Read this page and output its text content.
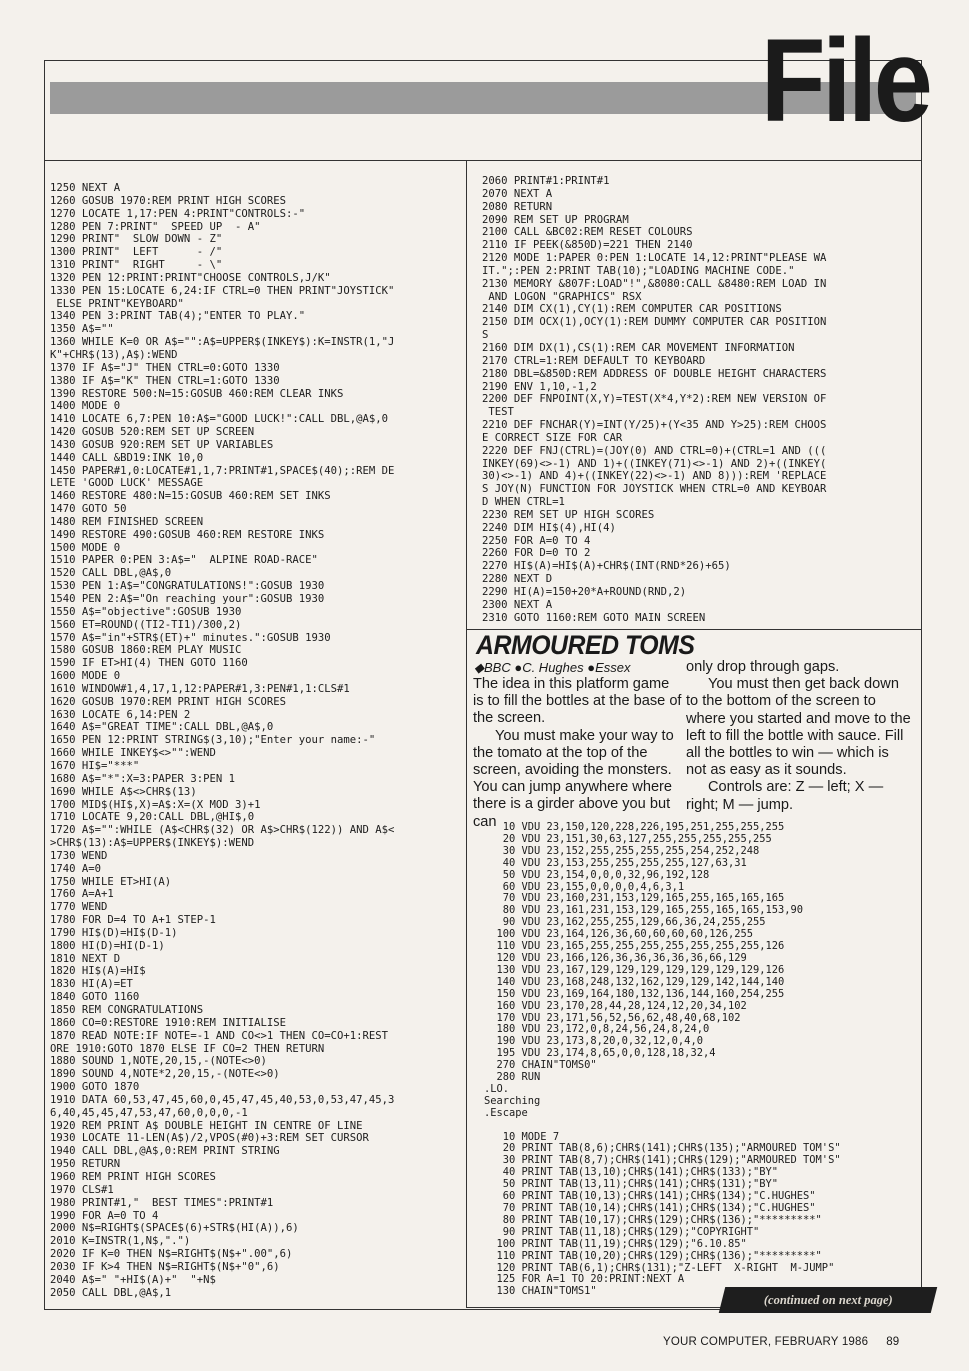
File
1250 NEXT A
1260 GOSUB 1970:REM PRINT HIGH SCORES
1270 LOCATE 1,17:PEN 4:PRINT"CONTROLS:-"
1280 PEN 7:PRINT"  SPEED UP  - A"
1290 PRINT"  SLOW DOWN - Z"
1300 PRINT"  LEFT      - /"
1310 PRINT"  RIGHT     - \"
1320 PEN 12:PRINT:PRINT"CHOOSE CONTROLS,J/K"
1330 PEN 15:LOCATE 6,24:IF CTRL=0 THEN PRINT"JOYSTICK"
ELSE PRINT"KEYBOARD"
1340 PEN 3:PRINT TAB(4);"ENTER TO PLAY."
1350 A$=""
1360 WHILE K=0 OR A$="":A$=UPPER$(INKEY$):K=INSTR(1,"J
K"+CHR$(13),A$):WEND
1370 IF A$="J" THEN CTRL=0:GOTO 1330
1380 IF A$="K" THEN CTRL=1:GOTO 1330
1390 RESTORE 500:N=15:GOSUB 460:REM CLEAR INKS
1400 MODE 0
1410 LOCATE 6,7:PEN 10:A$="GOOD LUCK!":CALL DBL,@A$,0
1420 GOSUB 520:REM SET UP SCREEN
1430 GOSUB 920:REM SET UP VARIABLES
1440 CALL &BD19:INK 10,0
1450 PAPER#1,0:LOCATE#1,1,7:PRINT#1,SPACE$(40);:REM DE
LETE 'GOOD LUCK' MESSAGE
1460 RESTORE 480:N=15:GOSUB 460:REM SET INKS
1470 GOTO 50
1480 REM FINISHED SCREEN
1490 RESTORE 490:GOSUB 460:REM RESTORE INKS
1500 MODE 0
1510 PAPER 0:PEN 3:A$="  ALPINE ROAD-RACE"
1520 CALL DBL,@A$,0
1530 PEN 1:A$="CONGRATULATIONS!":GOSUB 1930
1540 PEN 2:A$="On reaching your":GOSUB 1930
1550 A$="objective":GOSUB 1930
1560 ET=ROUND((TI2-TI1)/300,2)
1570 A$="in"+STR$(ET)+" minutes.":GOSUB 1930
1580 GOSUB 1860:REM PLAY MUSIC
1590 IF ET>HI(4) THEN GOTO 1160
1600 MODE 0
1610 WINDOW#1,4,17,1,12:PAPER#1,3:PEN#1,1:CLS#1
1620 GOSUB 1970:REM PRINT HIGH SCORES
1630 LOCATE 6,14:PEN 2
1640 A$="GREAT TIME":CALL DBL,@A$,0
1650 PEN 12:PRINT STRING$(3,10);"Enter your name:-"
1660 WHILE INKEY$<>"":WEND
1670 HI$="***"
1680 A$="*":X=3:PAPER 3:PEN 1
1690 WHILE A$<>CHR$(13)
1700 MID$(HI$,X)=A$:X=(X MOD 3)+1
1710 LOCATE 9,20:CALL DBL,@HI$,0
1720 A$="":WHILE (A$<CHR$(32) OR A$>CHR$(122)) AND A$<
>CHR$(13):A$=UPPER$(INKEY$):WEND
1730 WEND
1740 A=0
1750 WHILE ET>HI(A)
1760 A=A+1
1770 WEND
1780 FOR D=4 TO A+1 STEP-1
1790 HI$(D)=HI$(D-1)
1800 HI(D)=HI(D-1)
1810 NEXT D
1820 HI$(A)=HI$
1830 HI(A)=ET
1840 GOTO 1160
1850 REM CONGRATULATIONS
1860 CO=0:RESTORE 1910:REM INITIALISE
1870 READ NOTE:IF NOTE=-1 AND CO<>1 THEN CO=CO+1:REST
ORE 1910:GOTO 1870 ELSE IF CO=2 THEN RETURN
1880 SOUND 1,NOTE,20,15,-(NOTE<>0)
1890 SOUND 4,NOTE*2,20,15,-(NOTE<>0)
1900 GOTO 1870
1910 DATA 60,53,47,45,60,0,45,47,45,40,53,0,53,47,45,3
6,40,45,45,47,53,47,60,0,0,0,-1
1920 REM PRINT A$ DOUBLE HEIGHT IN CENTRE OF LINE
1930 LOCATE 11-LEN(A$)/2,VPOS(#0)+3:REM SET CURSOR
1940 CALL DBL,@A$,0:REM PRINT STRING
1950 RETURN
1960 REM PRINT HIGH SCORES
1970 CLS#1
1980 PRINT#1,"  BEST TIMES":PRINT#1
1990 FOR A=0 TO 4
2000 N$=RIGHT$(SPACE$(6)+STR$(HI(A)),6)
2010 K=INSTR(1,N$,".")
2020 IF K=0 THEN N$=RIGHT$(N$+".00",6)
2030 IF K>4 THEN N$=RIGHT$(N$+"0",6)
2040 A$=" "+HI$(A)+"  "+N$
2050 CALL DBL,@A$,1
2060 PRINT#1:PRINT#1
2070 NEXT A
2080 RETURN
2090 REM SET UP PROGRAM
2100 CALL &BC02:REM RESET COLOURS
2110 IF PEEK(&850D)=221 THEN 2140
2120 MODE 1:PAPER 0:PEN 1:LOCATE 14,12:PRINT"PLEASE WA
IT.";:PEN 2:PRINT TAB(10);"LOADING MACHINE CODE."
2130 MEMORY &807F:LOAD"!",&8080:CALL &8480:REM LOAD IN
AND LOGON "GRAPHICS" RSX
2140 DIM CX(1),CY(1):REM COMPUTER CAR POSITIONS
2150 DIM OCX(1),OCY(1):REM DUMMY COMPUTER CAR POSITION
S
2160 DIM DX(1),CS(1):REM CAR MOVEMENT INFORMATION
2170 CTRL=1:REM DEFAULT TO KEYBOARD
2180 DBL=&850D:REM ADDRESS OF DOUBLE HEIGHT CHARACTERS
2190 ENV 1,10,-1,2
2200 DEF FNPOINT(X,Y)=TEST(X*4,Y*2):REM NEW VERSION OF
TEST
2210 DEF FNCHAR(Y)=INT(Y/25)+(Y<35 AND Y>25):REM CHOOS
E CORRECT SIZE FOR CAR
2220 DEF FNJ(CTRL)=(JOY(0) AND CTRL=0)+(CTRL=1 AND (((
INKEY(69)<>-1) AND 1)+((INKEY(71)<>-1) AND 2)+((INKEY(
30)<>-1) AND 4)+((INKEY(22)<>-1) AND 8))):REM 'REPLACE
S JOY(N) FUNCTION FOR JOYSTICK WHEN CTRL=0 AND KEYBOAR
D WHEN CTRL=1
2230 REM SET UP HIGH SCORES
2240 DIM HI$(4),HI(4)
2250 FOR A=0 TO 4
2260 FOR D=0 TO 2
2270 HI$(A)=HI$(A)+CHR$(INT(RND*26)+65)
2280 NEXT D
2290 HI(A)=150+20*A+ROUND(RND,2)
2300 NEXT A
2310 GOTO 1160:REM GOTO MAIN SCREEN
ARMOURED TOMS

◆BBC ●C. Hughes ●Essex

The idea in this platform game is to fill the bottles at the base of the screen.

You must make your way to the tomato at the top of the screen, avoiding the monsters. You can jump anywhere where there is a girder above you but can

only drop through gaps.

You must then get back down to the bottom of the screen to where you started and move to the left to fill the bottle with sauce. Fill all the bottles to win — which is not as easy as it sounds.

Controls are: Z — left; X — right; M — jump.

10 VDU 23,150,120,228,226,195,251,255,255,255
20 VDU 23,151,30,63,127,255,255,255,255,255
30 VDU 23,152,255,255,255,255,254,252,248
40 VDU 23,153,255,255,255,255,127,63,31
50 VDU 23,154,0,0,0,32,96,192,128
60 VDU 23,155,0,0,0,0,4,6,3,1
70 VDU 23,160,231,153,129,165,255,165,165,165
80 VDU 23,161,231,153,129,165,255,165,165,153,90
90 VDU 23,162,255,255,129,66,36,24,255,255
100 VDU 23,164,126,36,60,60,60,60,126,255
110 VDU 23,165,255,255,255,255,255,255,255,126
120 VDU 23,166,126,36,36,36,36,36,66,129
130 VDU 23,167,129,129,129,129,129,129,129,126
140 VDU 23,168,248,132,162,129,129,142,144,140
150 VDU 23,169,164,180,132,136,144,160,254,255
160 VDU 23,170,28,44,28,124,12,20,34,102
170 VDU 23,171,56,52,56,62,48,40,68,102
180 VDU 23,172,0,8,24,56,24,8,24,0
190 VDU 23,173,8,20,0,32,12,0,4,0
195 VDU 23,174,8,65,0,0,128,18,32,4
270 CHAIN"TOMS0"
280 RUN
.LO.
Searching
.Escape

10 MODE 7
20 PRINT TAB(8,6);CHR$(141);CHR$(135);"ARMOURED TOM'S"
30 PRINT TAB(8,7);CHR$(141);CHR$(129);"ARMOURED TOM'S"
40 PRINT TAB(13,10);CHR$(141);CHR$(133);"BY"
50 PRINT TAB(13,11);CHR$(141);CHR$(131);"BY"
60 PRINT TAB(10,13);CHR$(141);CHR$(134);"C.HUGHES"
70 PRINT TAB(10,14);CHR$(141);CHR$(134);"C.HUGHES"
80 PRINT TAB(10,17);CHR$(129);CHR$(136);"*********"
90 PRINT TAB(11,18);CHR$(129);"COPYRIGHT"
100 PRINT TAB(11,19);CHR$(129);"6.10.85"
110 PRINT TAB(10,20);CHR$(129);CHR$(136);"*********"
120 PRINT TAB(6,1);CHR$(131);"Z-LEFT  X-RIGHT  M-JUMP"
125 FOR A=1 TO 20:PRINT:NEXT A
130 CHAIN"TOMS1"
(continued on next page)

YOUR COMPUTER, FEBRUARY 1986 89
